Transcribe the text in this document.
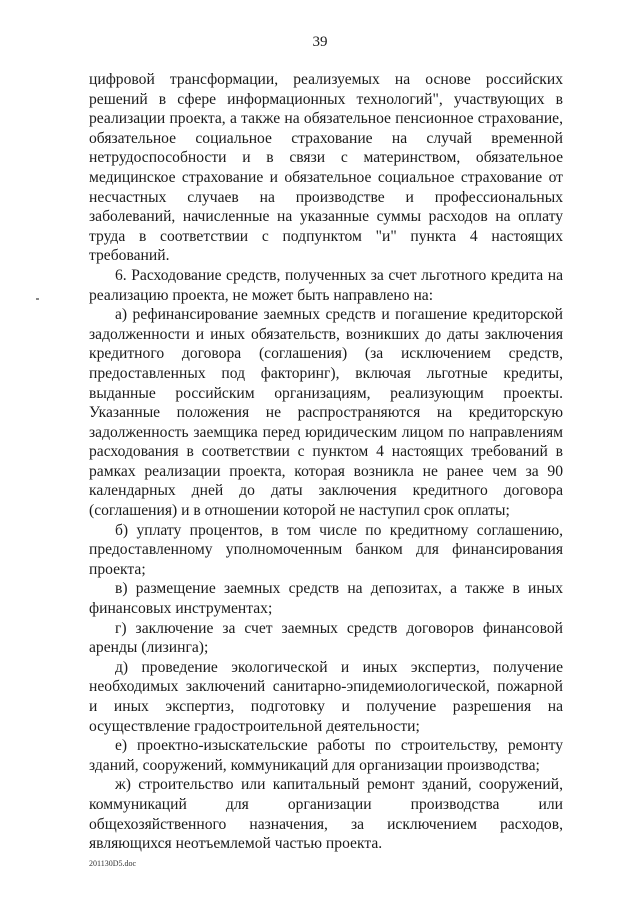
39

цифровой трансформации, реализуемых на основе российских решений в сфере информационных технологий", участвующих в реализации проекта, а также на обязательное пенсионное страхование, обязательное социальное страхование на случай временной нетрудоспособности и в связи с материнством, обязательное медицинское страхование и обязательное социальное страхование от несчастных случаев на производстве и профессиональных заболеваний, начисленные на указанные суммы расходов на оплату труда в соответствии с подпунктом "и" пункта 4 настоящих требований.

6. Расходование средств, полученных за счет льготного кредита на реализацию проекта, не может быть направлено на:

а) рефинансирование заемных средств и погашение кредиторской задолженности и иных обязательств, возникших до даты заключения кредитного договора (соглашения) (за исключением средств, предоставленных под факторинг), включая льготные кредиты, выданные российским организациям, реализующим проекты. Указанные положения не распространяются на кредиторскую задолженность заемщика перед юридическим лицом по направлениям расходования в соответствии с пунктом 4 настоящих требований в рамках реализации проекта, которая возникла не ранее чем за 90 календарных дней до даты заключения кредитного договора (соглашения) и в отношении которой не наступил срок оплаты;

б) уплату процентов, в том числе по кредитному соглашению, предоставленному уполномоченным банком для финансирования проекта;

в) размещение заемных средств на депозитах, а также в иных финансовых инструментах;

г) заключение за счет заемных средств договоров финансовой аренды (лизинга);

д) проведение экологической и иных экспертиз, получение необходимых заключений санитарно-эпидемиологической, пожарной и иных экспертиз, подготовку и получение разрешения на осуществление градостроительной деятельности;

е) проектно-изыскательские работы по строительству, ремонту зданий, сооружений, коммуникаций для организации производства;

ж) строительство или капитальный ремонт зданий, сооружений, коммуникаций для организации производства или общехозяйственного назначения, за исключением расходов, являющихся неотъемлемой частью проекта.

201130D5.doc
